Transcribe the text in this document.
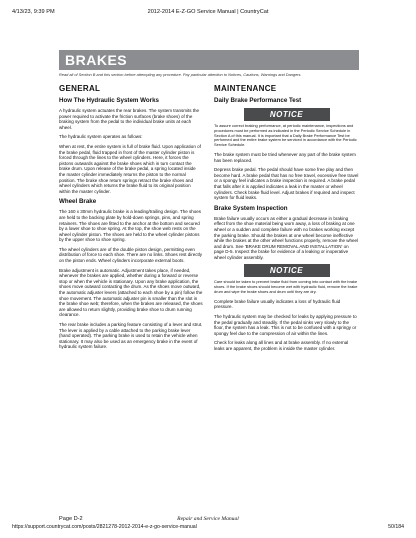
4/13/23, 9:39 PM	2012-2014 E-Z-GO Service Manual | CountryCat
BRAKES
Read all of Section B and this section before attempting any procedure. Pay particular attention to Notices, Cautions, Warnings and Dangers.
GENERAL
How The Hydraulic System Works

A hydraulic system actuates the rear brakes. The system transmits the power required to activate the friction surfaces (brake shoes) of the braking system from the pedal to the individual brake units at each wheel.

The hydraulic system operates as follows:

When at rest, the entire system is full of brake fluid. Upon application of the brake pedal, fluid trapped in front of the master cylinder piston is forced through the lines to the wheel cylinders. Here, it forces the pistons outwards against the brake shoes which in turn contact the brake drum. Upon release of the brake pedal, a spring located inside the master cylinder immediately returns the piston to the normal position. The brake shoe return springs retract the brake shoes and wheel cylinders which returns the brake fluid to its original position within the master cylinder.

Wheel Brake

The 160 x 30mm hydraulic brake is a leading/trailing design. The shoes are held to the backing plate by hold-down springs, pins, and spring retainers. The shoes are fitted to the anchor at the bottom and secured by a lower shoe to shoe spring. At the top, the shoe web rests on the wheel cylinder piston. The shoes are held to the wheel cylinder pistons by the upper shoe to shoe spring.

The wheel cylinders are of the double piston design, permitting even distribution of force to each shoe. There are no links. Shoes rest directly on the piston ends. Wheel cylinders incorporate external boots.

Brake adjustment is automatic. Adjustment takes place, if needed, whenever the brakes are applied, whether during a forward or reverse stop or when the vehicle is stationary. Upon any brake application, the shoes move outward contacting the drum. As the shoes move outward, the automatic adjuster levers (attached to each shoe by a pin) follow the shoe movement. The automatic adjuster pin is smaller than the slot in the brake shoe web; therefore, when the brakes are released, the shoes are allowed to return slightly, providing brake shoe to drum running clearance.

The rear brake includes a parking feature consisting of a lever and strut. The lever is applied by a cable attached to the parking brake lever (hand operated). The parking brake is used to retain the vehicle when stationary. It may also be used as an emergency brake in the event of hydraulic system failure.

MAINTENANCE
Daily Brake Performance Test
NOTICE

To assure correct braking performance, at periodic maintenance, inspections and procedures must be performed as indicated in the Periodic Service Schedule in Section A of this manual. It is important that a Daily Brake Performance Test be performed and the entire brake system be serviced in accordance with the Periodic Service Schedule.

The brake system must be tried whenever any part of the brake system has been replaced.

Depress brake pedal. The pedal should have some free play and then become hard. A brake pedal that has no free travel, excessive free travel or a spongy feel indicates a brake inspection is required. A brake pedal that falls after it is applied indicates a leak in the master or wheel cylinders. Check brake fluid level. Adjust brakes if required and inspect system for fluid leaks.

Brake System Inspection

Brake failure usually occurs as either a gradual decrease in braking effect from the shoe material being worn away, a loss of braking at one wheel or a sudden and complete failure with no brakes working except the parking brake. Should the brakes at one wheel become ineffective while the brakes at the other wheel functions properly, remove the wheel and drum. See 'BRAKE DRUM REMOVAL AND INSTALLATION' on page D-5. Inspect the brake for evidence of a leaking or inoperative wheel cylinder assembly.

NOTICE

Care should be taken to prevent brake fluid from coming into contact with the brake shoes. If the brake shoes should become wet with hydraulic fluid, remove the brake drum and wipe the brake shoes and drum until they are dry.

Complete brake failure usually indicates a loss of hydraulic fluid pressure.

The hydraulic system may be checked for leaks by applying pressure to the pedal gradually and steadily. If the pedal sinks very slowly to the floor, the system has a leak. This is not to be confused with a springy or spongy feel due to the compression of air within the lines.

Check for leaks along all lines and at brake assembly. If no external leaks are apparent, the problem is inside the master cylinder.

Page D-2	Repair and Service Manual
https://support.countrycat.com/posts/2821278-2012-2014-e-z-go-service-manual	50/184
